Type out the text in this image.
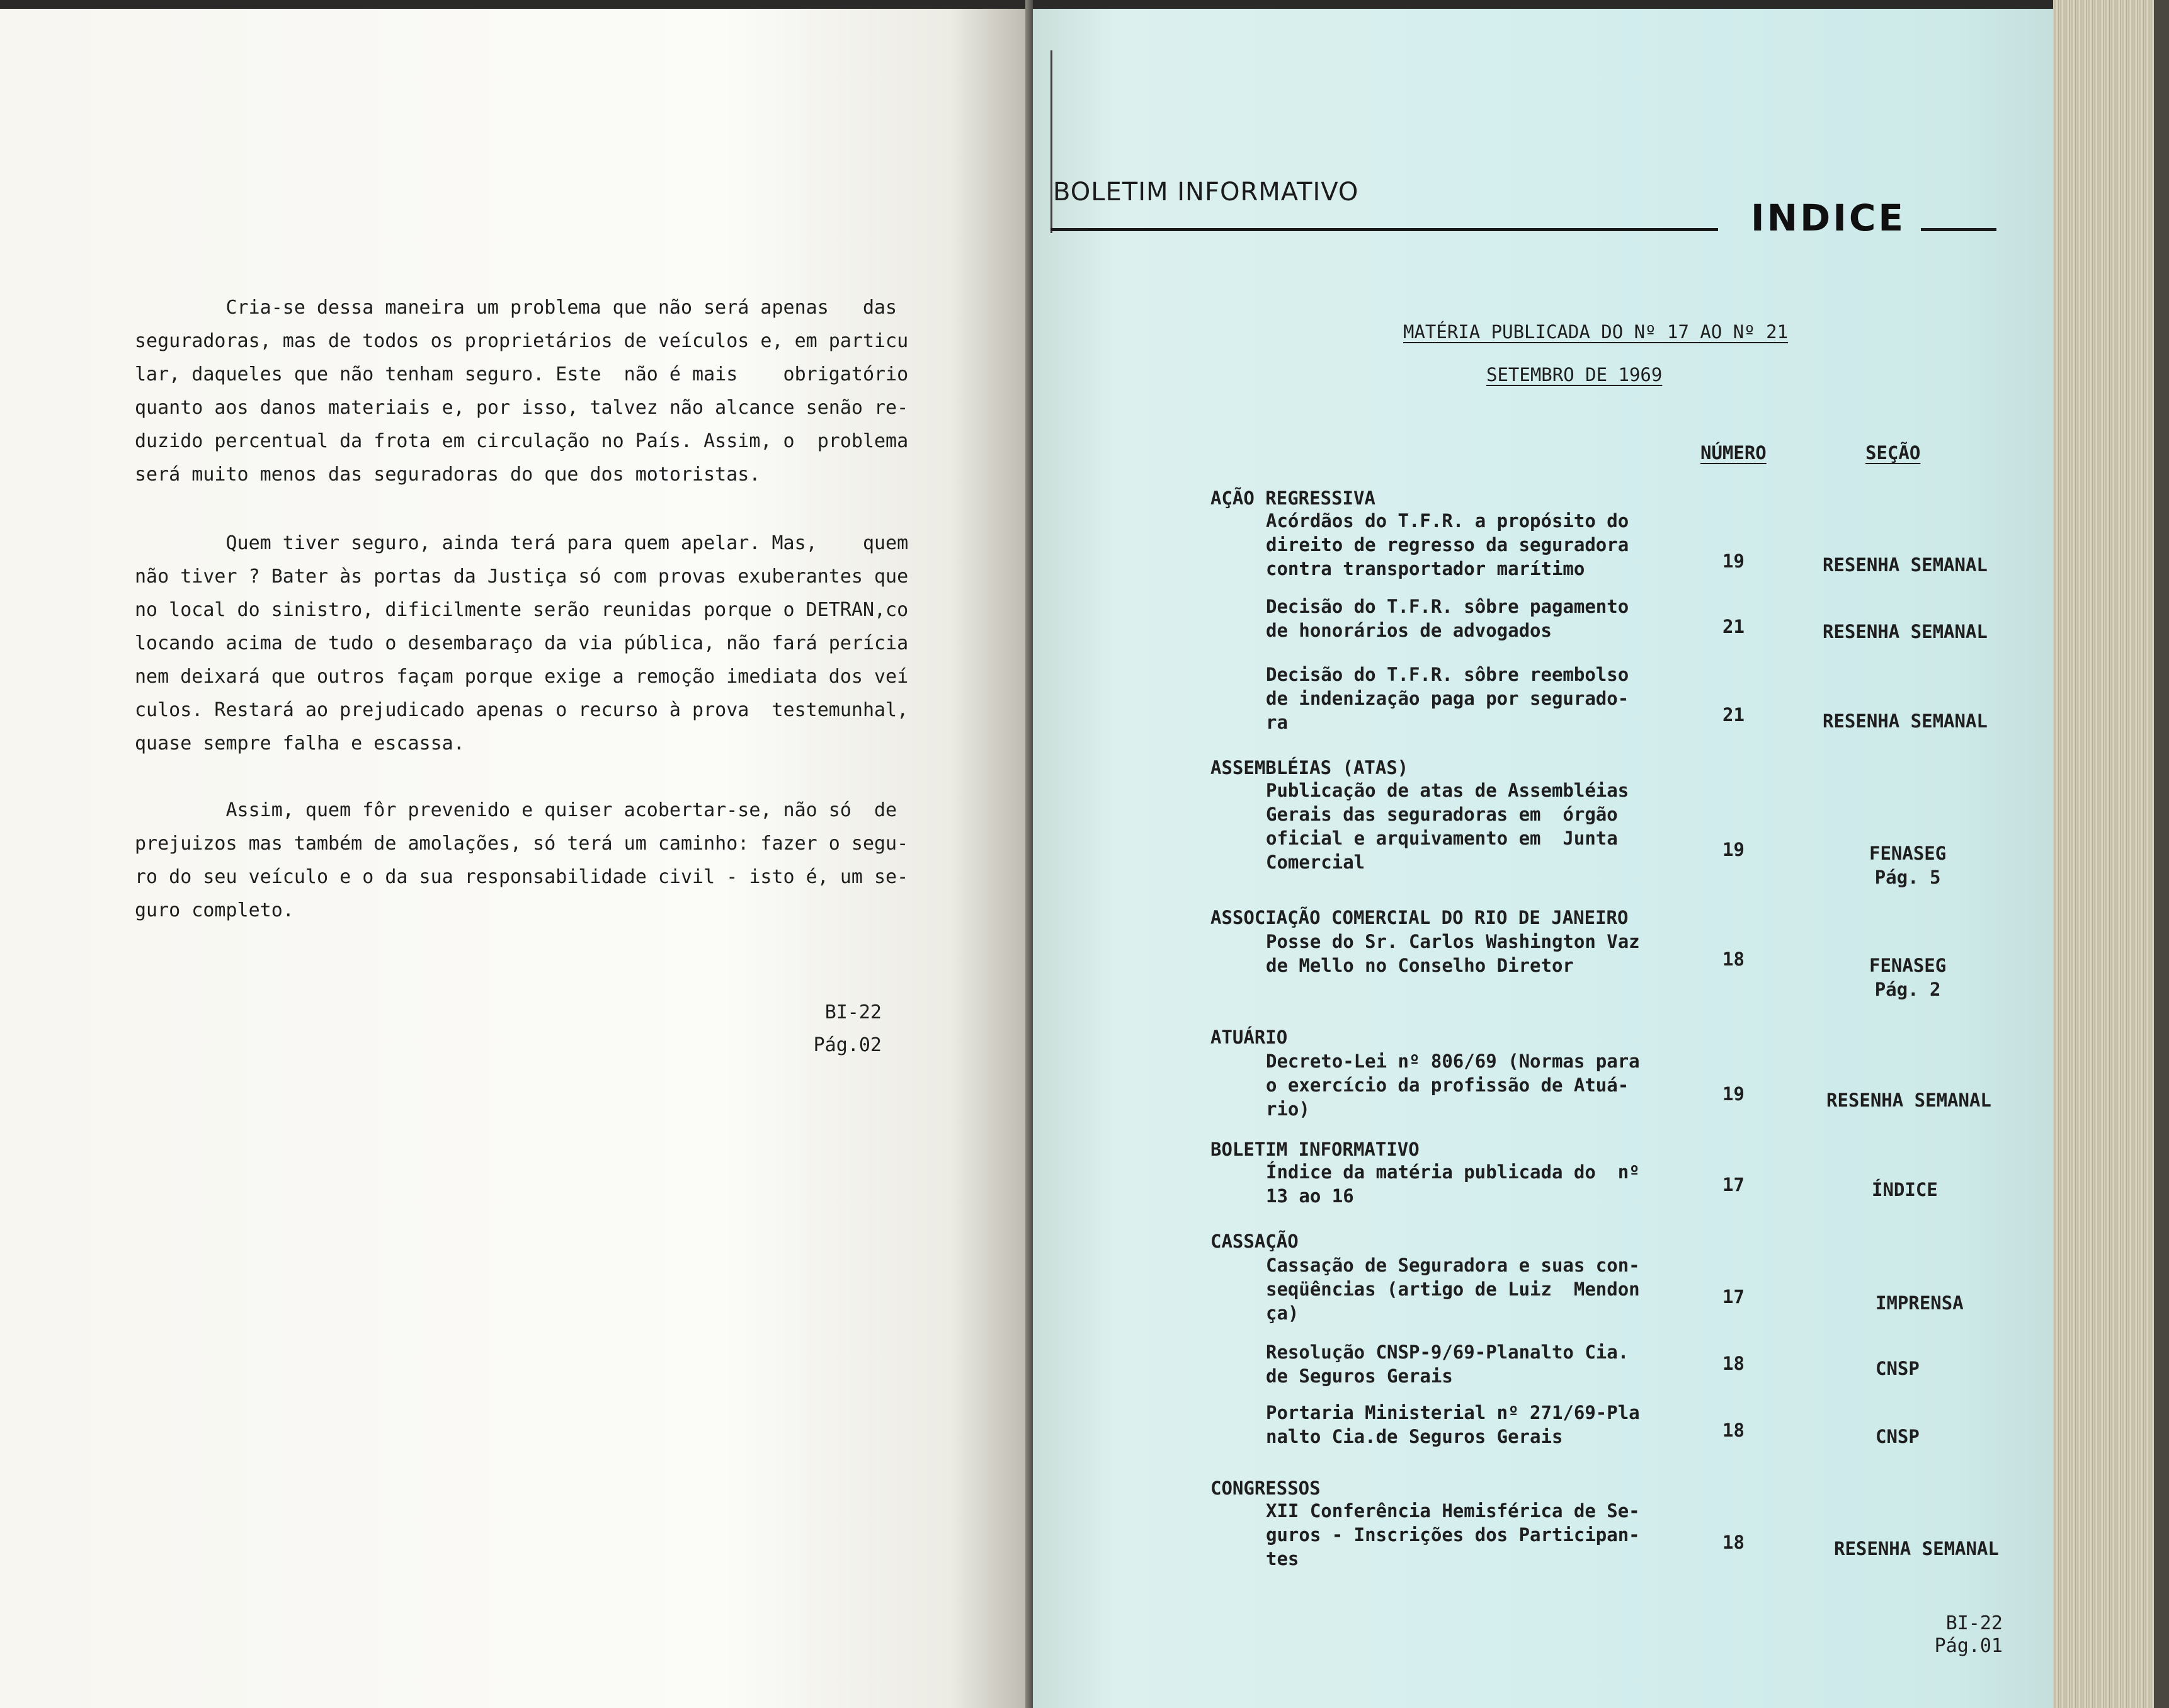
Cria-se dessa maneira um problema que não será apenas   das

seguradoras, mas de todos os proprietários de veículos e, em particu

lar, daqueles que não tenham seguro. Este  não é mais    obrigatório

quanto aos danos materiais e, por isso, talvez não alcance senão re-

duzido percentual da frota em circulação no País. Assim, o  problema

será muito menos das seguradoras do que dos motoristas.

Quem tiver seguro, ainda terá para quem apelar. Mas,    quem

não tiver ? Bater às portas da Justiça só com provas exuberantes que

no local do sinistro, dificilmente serão reunidas porque o DETRAN,co

locando acima de tudo o desembaraço da via pública, não fará perícia

nem deixará que outros façam porque exige a remoção imediata dos veí

culos. Restará ao prejudicado apenas o recurso à prova  testemunhal,

quase sempre falha e escassa.

Assim, quem fôr prevenido e quiser acobertar-se, não só  de

prejuizos mas também de amolações, só terá um caminho: fazer o segu-

ro do seu veículo e o da sua responsabilidade civil - isto é, um se-

guro completo.

BI-22
Pág.02
BOLETIM INFORMATIVO
INDICE
MATÉRIA PUBLICADA DO Nº 17 AO Nº 21
SETEMBRO DE 1969
NÚMERO	SEÇÃO
AÇÃO REGRESSIVA
Acórdãos do T.F.R. a propósito do
direito de regresso da seguradora
contra transportador marítimo	19	RESENHA SEMANAL
Decisão do T.F.R. sôbre pagamento
de honorários de advogados	21	RESENHA SEMANAL
Decisão do T.F.R. sôbre reembolso
de indenização paga por segurado-
ra	21	RESENHA SEMANAL
ASSEMBLÉIAS (ATAS)
Publicação de atas de Assembléias
Gerais das seguradoras em  órgão
oficial e arquivamento em  Junta
Comercial
19	FENASEG
Pág. 5
ASSOCIAÇÃO COMERCIAL DO RIO DE JANEIRO
Posse do Sr. Carlos Washington Vaz
de Mello no Conselho Diretor	18	FENASEG
Pág. 2
ATUÁRIO
Decreto-Lei nº 806/69 (Normas para
o exercício da profissão de Atuá-
rio)
19	RESENHA SEMANAL
BOLETIM INFORMATIVO
Índice da matéria publicada do  nº
13 ao 16
17	ÍNDICE
CASSAÇÃO
Cassação de Seguradora e suas con-
seqüências (artigo de Luiz  Mendon
ça)
17	IMPRENSA
Resolução CNSP-9/69-Planalto Cia.
de Seguros Gerais
18	CNSP
Portaria Ministerial nº 271/69-Pla
nalto Cia.de Seguros Gerais	18	CNSP
CONGRESSOS
XII Conferência Hemisférica de Se-
guros - Inscrições dos Participan-
tes
18	RESENHA SEMANAL
BI-22
Pág.01
